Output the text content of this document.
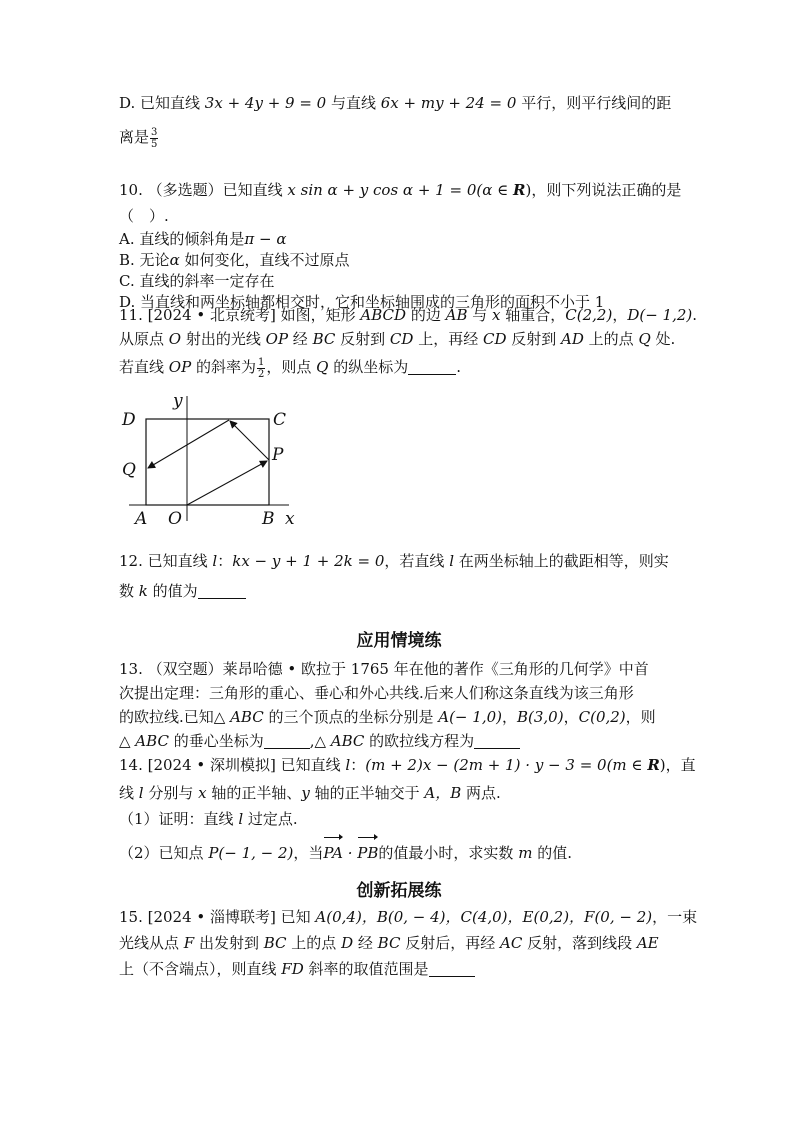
D. 已知直线 3x + 4y + 9 = 0 与直线 6x + my + 24 = 0 平行，则平行线间的距
离是 $\frac{3}{5}$
10. （多选题）已知直线 x sin α + y cos α + 1 = 0(α ∈ R)，则下列说法正确的是
（　）.
A. 直线的倾斜角是π − α
B. 无论α 如何变化，直线不过原点
C. 直线的斜率一定存在
D. 当直线和两坐标轴都相交时，它和坐标轴围成的三角形的面积不小于 1
11. [2024 • 北京统考] 如图，矩形 ABCD 的边 AB 与 x 轴重合，C(2,2)，D(− 1,2).
从原点 O 射出的光线 OP 经 BC 反射到 CD 上，再经 CD 反射到 AD 上的点 Q 处.
若直线 OP 的斜率为 $\frac{1}{2}$ ，则点 Q 的纵坐标为	.
y
D	C
Q
P
A O	B x
12. 已知直线 l：kx − y + 1 + 2k = 0，若直线 l 在两坐标轴上的截距相等，则实
数 k 的值为
应用情境练
13. （双空题）莱昂哈德 • 欧拉于 1765 年在他的著作《三角形的几何学》中首
次提出定理：三角形的重心、垂心和外心共线.后来人们称这条直线为该三角形
的欧拉线.已知△ ABC 的三个顶点的坐标分别是 A(− 1,0)，B(3,0)，C(0,2)，则
△ ABC 的垂心坐标为	,△ ABC 的欧拉线方程为
14. [2024 • 深圳模拟] 已知直线 l：(m + 2)x − (2m + 1) · y − 3 = 0(m ∈ R)，直
线 l 分别与 x 轴的正半轴、y 轴的正半轴交于 A，B 两点.
（1）证明：直线 l 过定点.
（2）已知点 P(− 1, − 2)，当PA · PB的值最小时，求实数 m 的值.
创新拓展练
15. [2024 • 淄博联考] 已知 A(0,4)，B(0, − 4)，C(4,0)，E(0,2)，F(0, − 2)，一束
光线从点 F 出发射到 BC 上的点 D 经 BC 反射后，再经 AC 反射，落到线段 AE
上（不含端点），则直线 FD 斜率的取值范围是
